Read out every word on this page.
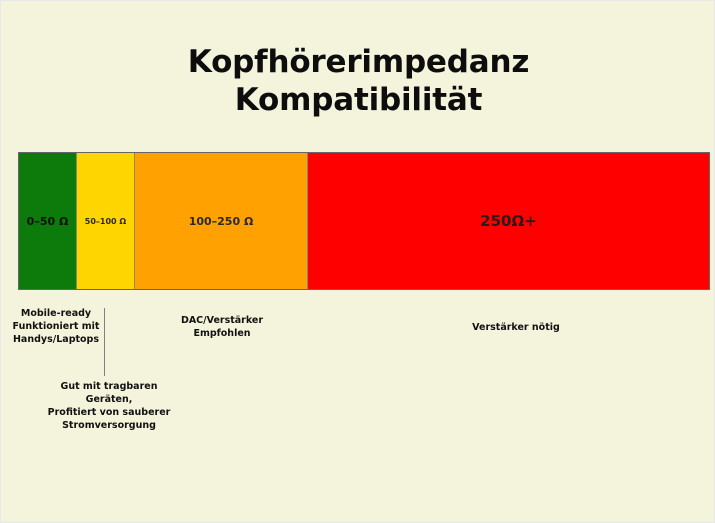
Kopfhörerimpedanz
Kompatibilität
0–50 Ω 50–100 Ω	100–250 Ω	250Ω+
Mobile-ready
Funktioniert mit
Handys/Laptops
Gut mit tragbaren
Geräten,
Profitiert von sauberer
Stromversorgung
DAC/Verstärker
Empfohlen
Verstärker nötig
